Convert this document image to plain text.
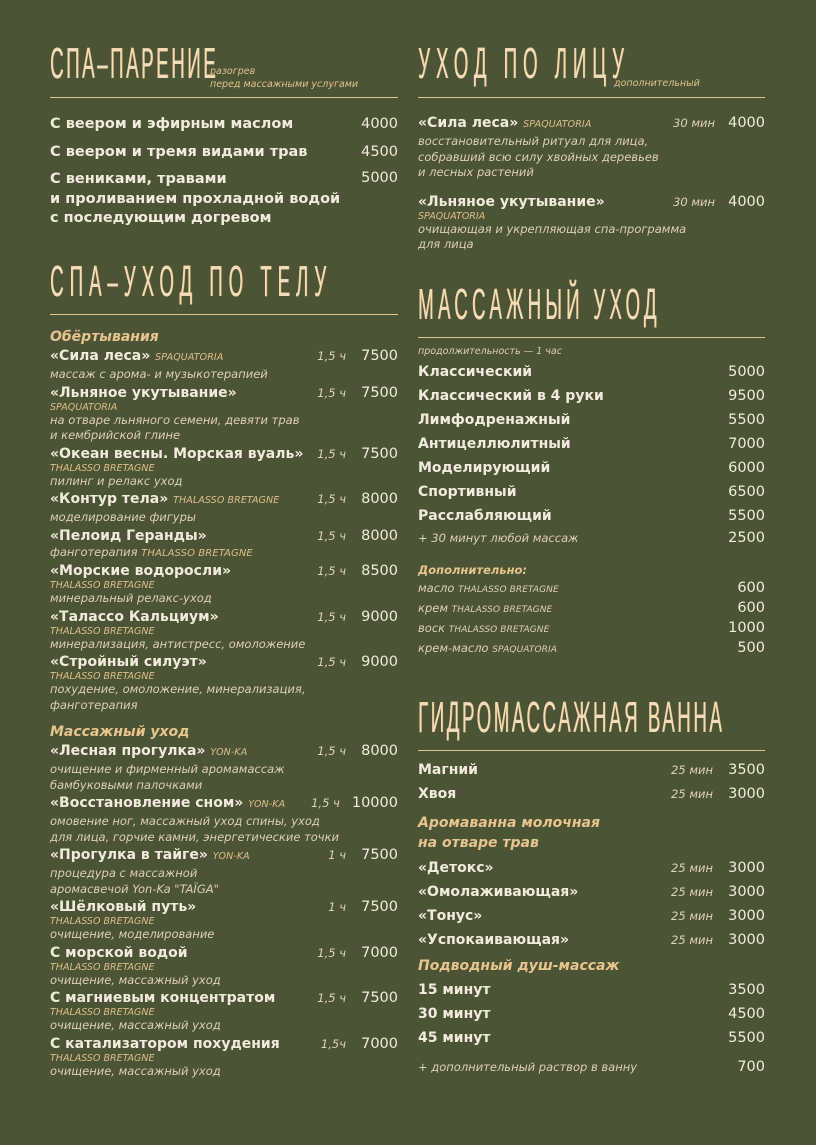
СПА–ПАРЕНИЕ
разогрев
перед массажными услугами
С веером и эфирным маслом	4000
С веером и тремя видами трав	4500
С вениками, травами
и проливанием прохладной водой
с последующим догревом
5000
СПА–УХОД ПО ТЕЛУ
Обёртывания
«Сила леса» SPAQUATORIA	1,5 ч 7500
массаж с арома- и музыкотерапией
«Льняное укутывание»	1,5 ч 7500
SPAQUATORIA
на отваре льняного семени, девяти трав
и кембрийской глине
«Океан весны. Морская вуаль»	1,5 ч 7500
THALASSO BRETAGNE
пилинг и релакс уход
«Контур тела» THALASSO BRETAGNE	1,5 ч 8000
моделирование фигуры
«Пелоид Геранды»	1,5 ч 8000
фанготерапия THALASSO BRETAGNE
«Морские водоросли»	1,5 ч 8500
THALASSO BRETAGNE
минеральный релакс-уход
«Талассо Кальциум»	1,5 ч 9000
THALASSO BRETAGNE
минерализация, антистресс, омоложение
«Стройный силуэт»	1,5 ч 9000
THALASSO BRETAGNE
похудение, омоложение, минерализация,
фанготерапия
Массажный уход
«Лесная прогулка» YON-KA	1,5 ч 8000
очищение и фирменный аромамассаж
бамбуковыми палочками
«Восстановление сном» YON-KA	1,5 ч 10000
омовение ног, массажный уход спины, уход
для лица, горчие камни, энергетические точки
«Прогулка в тайге» YON-KA	1 ч 7500
процедура с массажной
аромасвечой Yon-Ka "TAÏGA"
«Шёлковый путь»	1 ч 7500
THALASSO BRETAGNE
очищение, моделирование
С морской водой	1,5 ч 7000
THALASSO BRETAGNE
очищение, массажный уход
С магниевым концентратом	1,5 ч 7500
THALASSO BRETAGNE
очищение, массажный уход
С катализатором похудения	1,5ч 7000
THALASSO BRETAGNE
очищение, массажный уход
УХОД ПО ЛИЦУ
дополнительный
«Сила леса» SPAQUATORIA	30 мин 4000
восстановительный ритуал для лица,
собравший всю силу хвойных деревьев
и лесных растений
«Льняное укутывание»	30 мин 4000
SPAQUATORIA
очищающая и укрепляющая спа-программа
для лица
МАССАЖНЫЙ УХОД
продолжительность — 1 час
Классический	5000
Классический в 4 руки	9500
Лимфодренажный	5500
Антицеллюлитный	7000
Моделирующий	6000
Спортивный	6500
Расслабляющий	5500
+ 30 минут любой массаж	2500
Дополнительно:
масло THALASSO BRETAGNE	600
крем THALASSO BRETAGNE	600
воск THALASSO BRETAGNE	1000
крем-масло SPAQUATORIA	500
ГИДРОМАССАЖНАЯ ВАННА
Магний	25 мин 3500
Хвоя	25 мин 3000
Аромаванна молочная
на отваре трав
«Детокс»	25 мин 3000
«Омолаживающая»	25 мин 3000
«Тонус»	25 мин 3000
«Успокаивающая»	25 мин 3000
Подводный душ-массаж
15 минут	3500
30 минут	4500
45 минут	5500
+ дополнительный раствор в ванну	700
